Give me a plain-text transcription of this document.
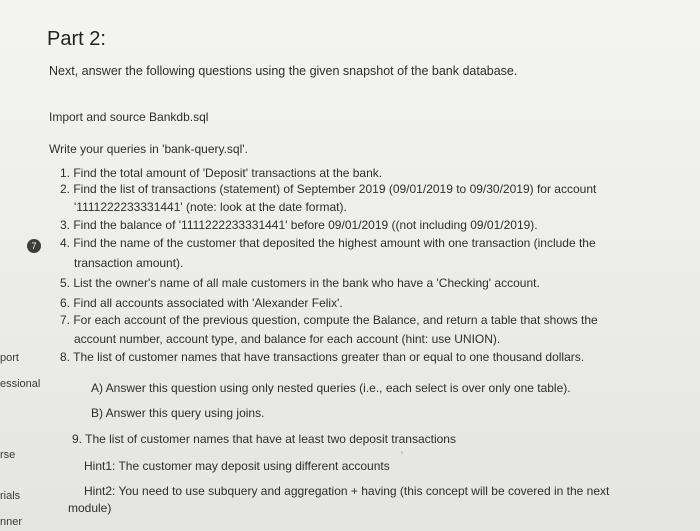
port
essional
rse
rials
nner
Part 2:
Next, answer the following questions using the given snapshot of the bank database.
Import and source Bankdb.sql
Write your queries in 'bank-query.sql'.
7
1. Find the total amount of 'Deposit' transactions at the bank.
2. Find the list of transactions (statement) of September 2019 (09/01/2019 to 09/30/2019) for account
'1111222233331441' (note: look at the date format).
3. Find the balance of '1111222233331441' before 09/01/2019 ((not including 09/01/2019).
4. Find the name of the customer that deposited the highest amount with one transaction (include the
transaction amount).
5. List the owner's name of all male customers in the bank who have a 'Checking' account.
6. Find all accounts associated with 'Alexander Felix'.
7. For each account of the previous question, compute the Balance, and return a table that shows the
account number, account type, and balance for each account (hint: use UNION).
8. The list of customer names that have transactions greater than or equal to one thousand dollars.
A) Answer this question using only nested queries (i.e., each select is over only one table).
B) Answer this query using joins.
9. The list of customer names that have at least two deposit transactions
Hint1: The customer may deposit using different accounts
Hint2: You need to use subquery and aggregation + having (this concept will be covered in the next
module)
